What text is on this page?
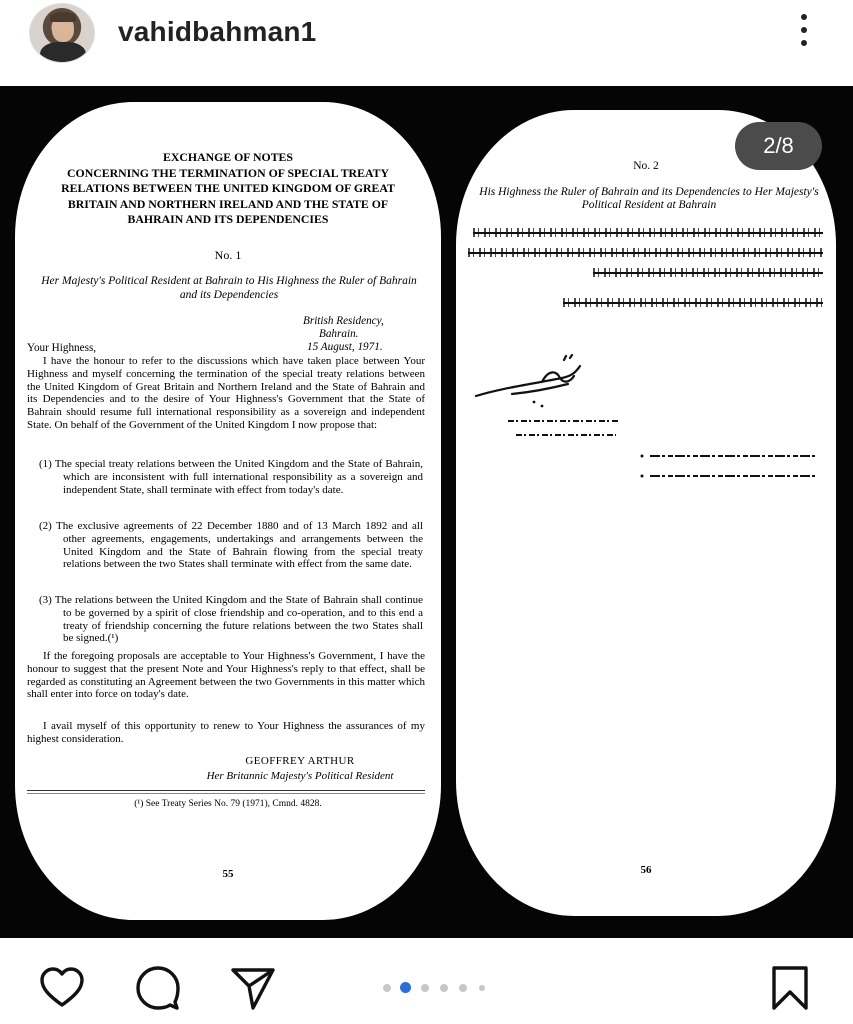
vahidbahman1
EXCHANGE OF NOTES
CONCERNING THE TERMINATION OF SPECIAL TREATY
RELATIONS BETWEEN THE UNITED KINGDOM OF GREAT
BRITAIN AND NORTHERN IRELAND AND THE STATE OF
BAHRAIN AND ITS DEPENDENCIES
No. 1
Her Majesty's Political Resident at Bahrain to His Highness the Ruler of Bahrain and its Dependencies
British Residency,
Bahrain.
15 August, 1971.
Your Highness,
I have the honour to refer to the discussions which have taken place between Your Highness and myself concerning the termination of the special treaty relations between the United Kingdom of Great Britain and Northern Ireland and the State of Bahrain and its Dependencies and to the desire of Your Highness's Government that the State of Bahrain should resume full international responsibility as a sovereign and independent State. On behalf of the Government of the United Kingdom I now propose that:
(1) The special treaty relations between the United Kingdom and the State of Bahrain, which are inconsistent with full international responsibility as a sovereign and independent State, shall terminate with effect from today's date.
(2) The exclusive agreements of 22 December 1880 and of 13 March 1892 and all other agreements, engagements, undertakings and arrangements between the United Kingdom and the State of Bahrain flowing from the special treaty relations between the two States shall terminate with effect from the same date.
(3) The relations between the United Kingdom and the State of Bahrain shall continue to be governed by a spirit of close friendship and co-operation, and to this end a treaty of friendship concerning the future relations between the two States shall be signed.(¹)
If the foregoing proposals are acceptable to Your Highness's Government, I have the honour to suggest that the present Note and Your Highness's reply to that effect, shall be regarded as constituting an Agreement between the two Governments in this matter which shall enter into force on today's date.
I avail myself of this opportunity to renew to Your Highness the assurances of my highest consideration.
GEOFFREY ARTHUR
Her Britannic Majesty's Political Resident
(¹) See Treaty Series No. 79 (1971), Cmnd. 4828.
55
No. 2
His Highness the Ruler of Bahrain and its Dependencies to Her Majesty's Political Resident at Bahrain
56
2/8
